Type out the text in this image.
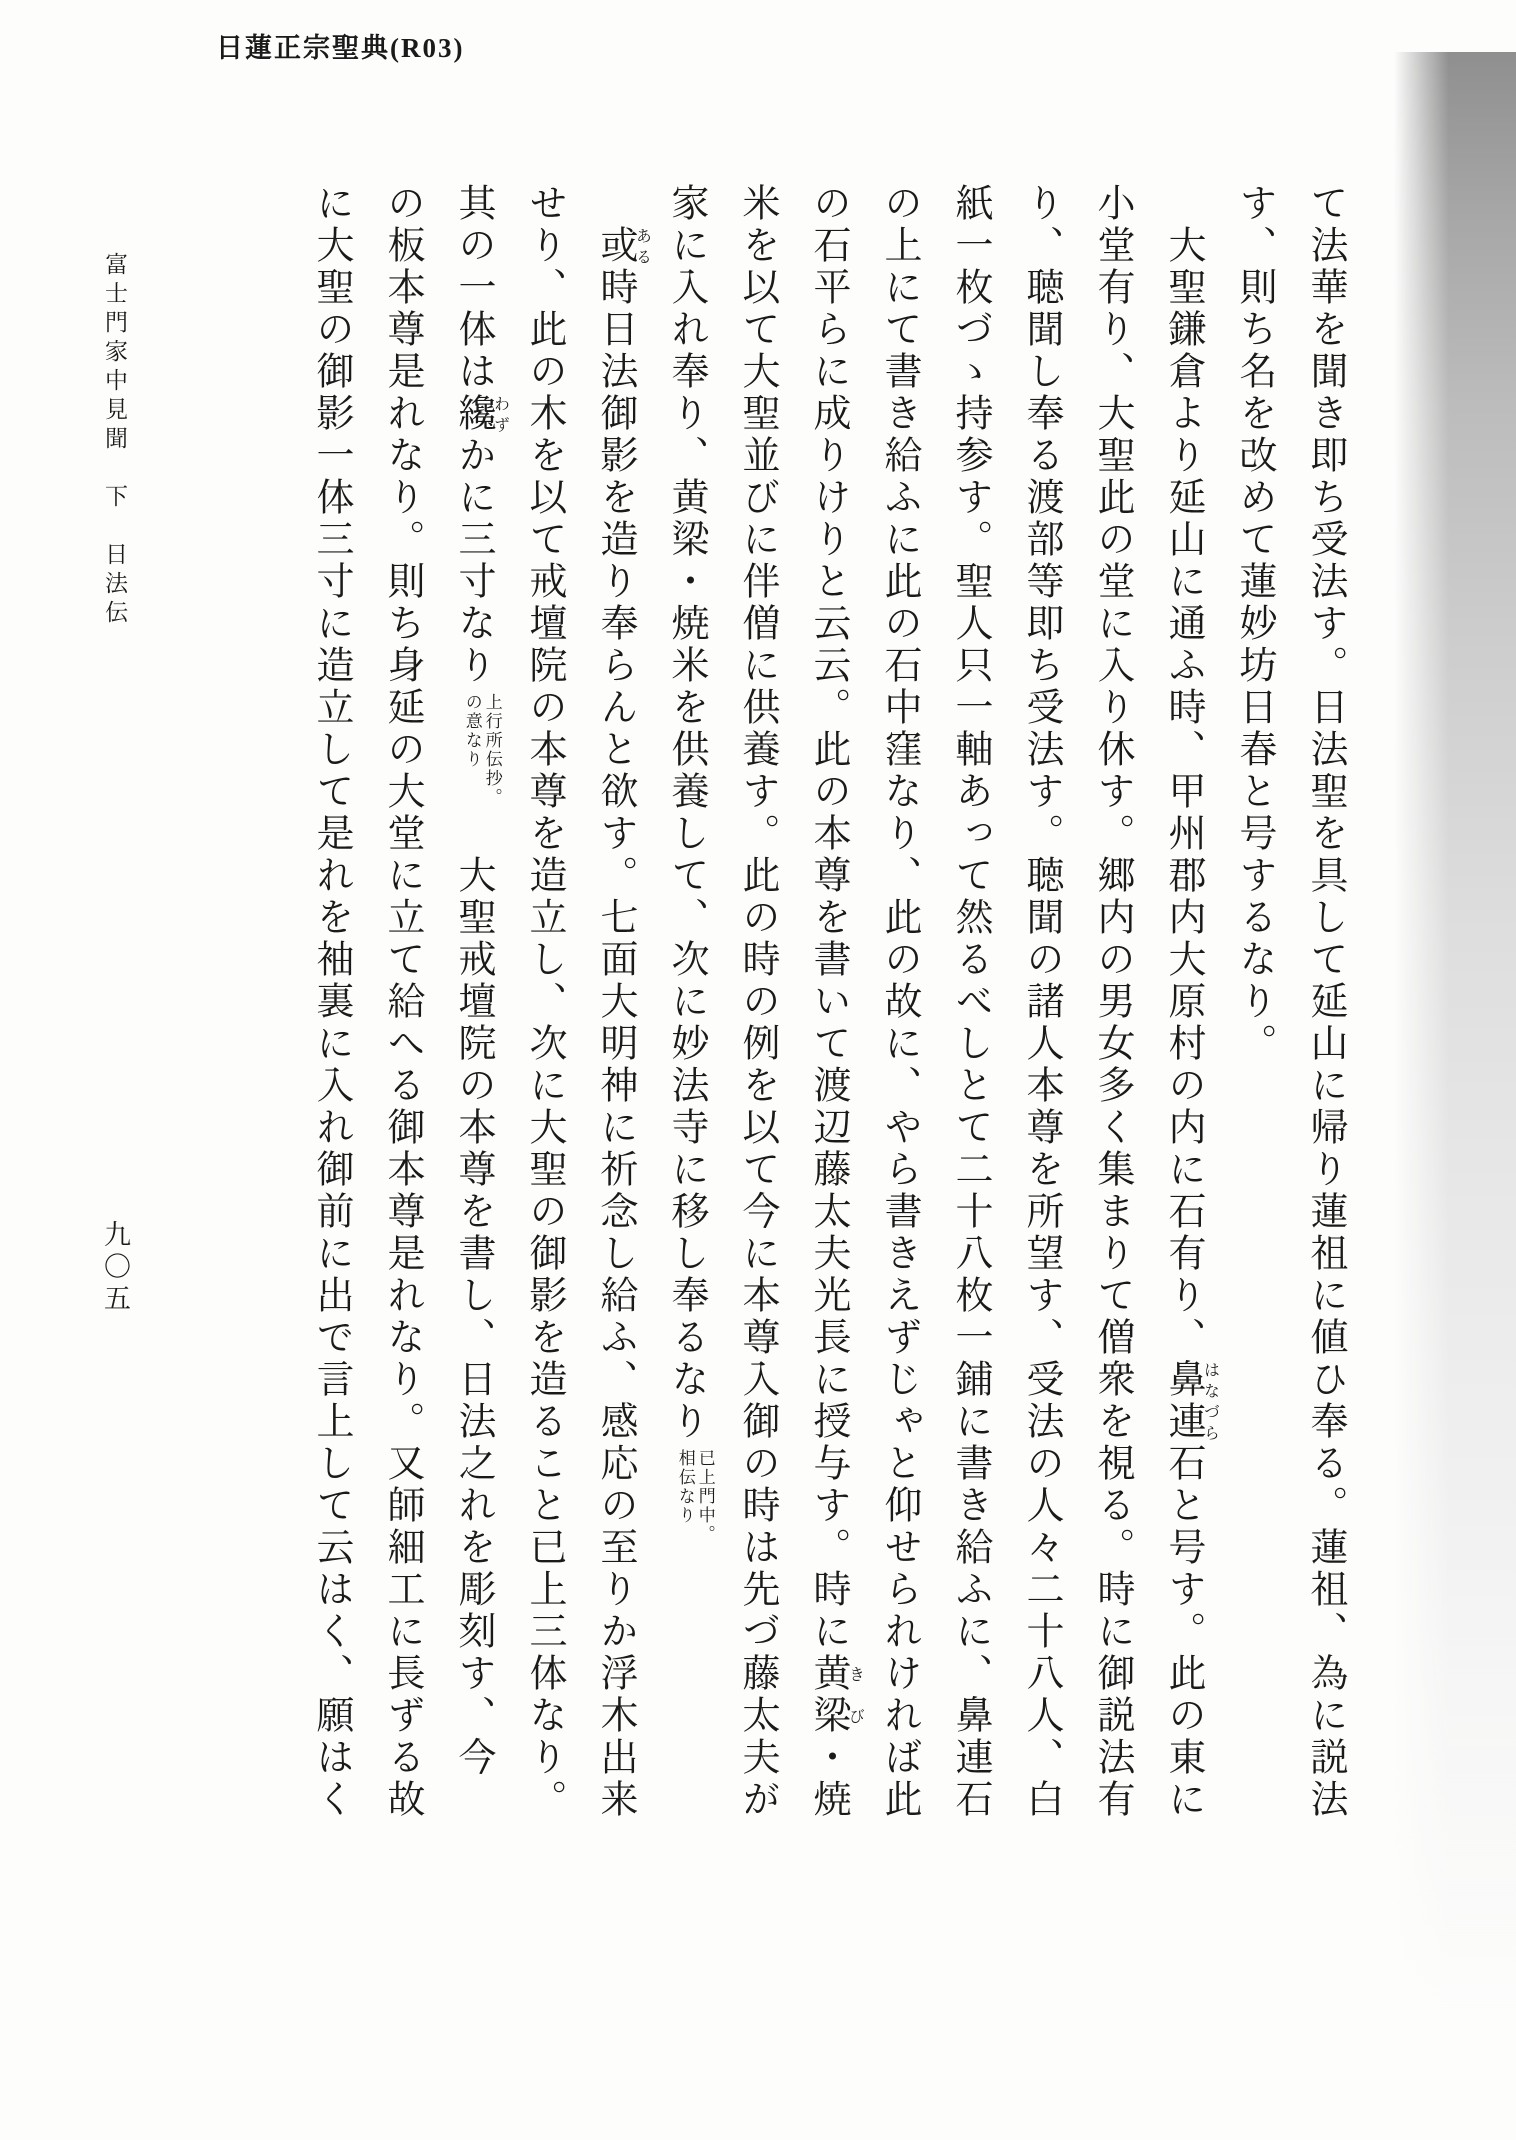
日蓮正宗聖典(R03)
て法華を聞き即ち受法す。日法聖を具して延山に帰り蓮祖に値ひ奉る。蓮祖、為に説法
す、則ち名を改めて蓮妙坊日春と号するなり。
大聖鎌倉より延山に通ふ時、甲州郡内大原村の内に石有り、鼻連はなづら石と号す。此の東に
小堂有り、大聖此の堂に入り休す。郷内の男女多く集まりて僧衆を視る。時に御説法有
り、聴聞し奉る渡部等即ち受法す。聴聞の諸人本尊を所望す、受法の人々二十八人、白
紙一枚づゝ持参す。聖人只一軸あって然るべしとて二十八枚一鋪に書き給ふに、鼻連石
の上にて書き給ふに此の石中窪なり、此の故に、やら書きえずじゃと仰せられければ此
の石平らに成りけりと云云。此の本尊を書いて渡辺藤太夫光長に授与す。時に黄梁きび・焼
米を以て大聖並びに伴僧に供養す。此の時の例を以て今に本尊入御の時は先づ藤太夫が
家に入れ奉り、黄梁・焼米を供養して、次に妙法寺に移し奉るなり
已上門中。
相伝なり
或ある時日法御影を造り奉らんと欲す。七面大明神に祈念し給ふ、感応の至りか浮木出来
せり、此の木を以て戒壇院の本尊を造立し、次に大聖の御影を造ること已上三体なり。
其の一体は纔わずかに三寸なり
上行所伝抄。
の意なり
　大聖戒壇院の本尊を書し、日法之れを彫刻す、今
の板本尊是れなり。則ち身延の大堂に立て給へる御本尊是れなり。又師細工に長ずる故
に大聖の御影一体三寸に造立して是れを袖裏に入れ御前に出で言上して云はく、願はく
富士門家中見聞　下　日法伝
九〇五
